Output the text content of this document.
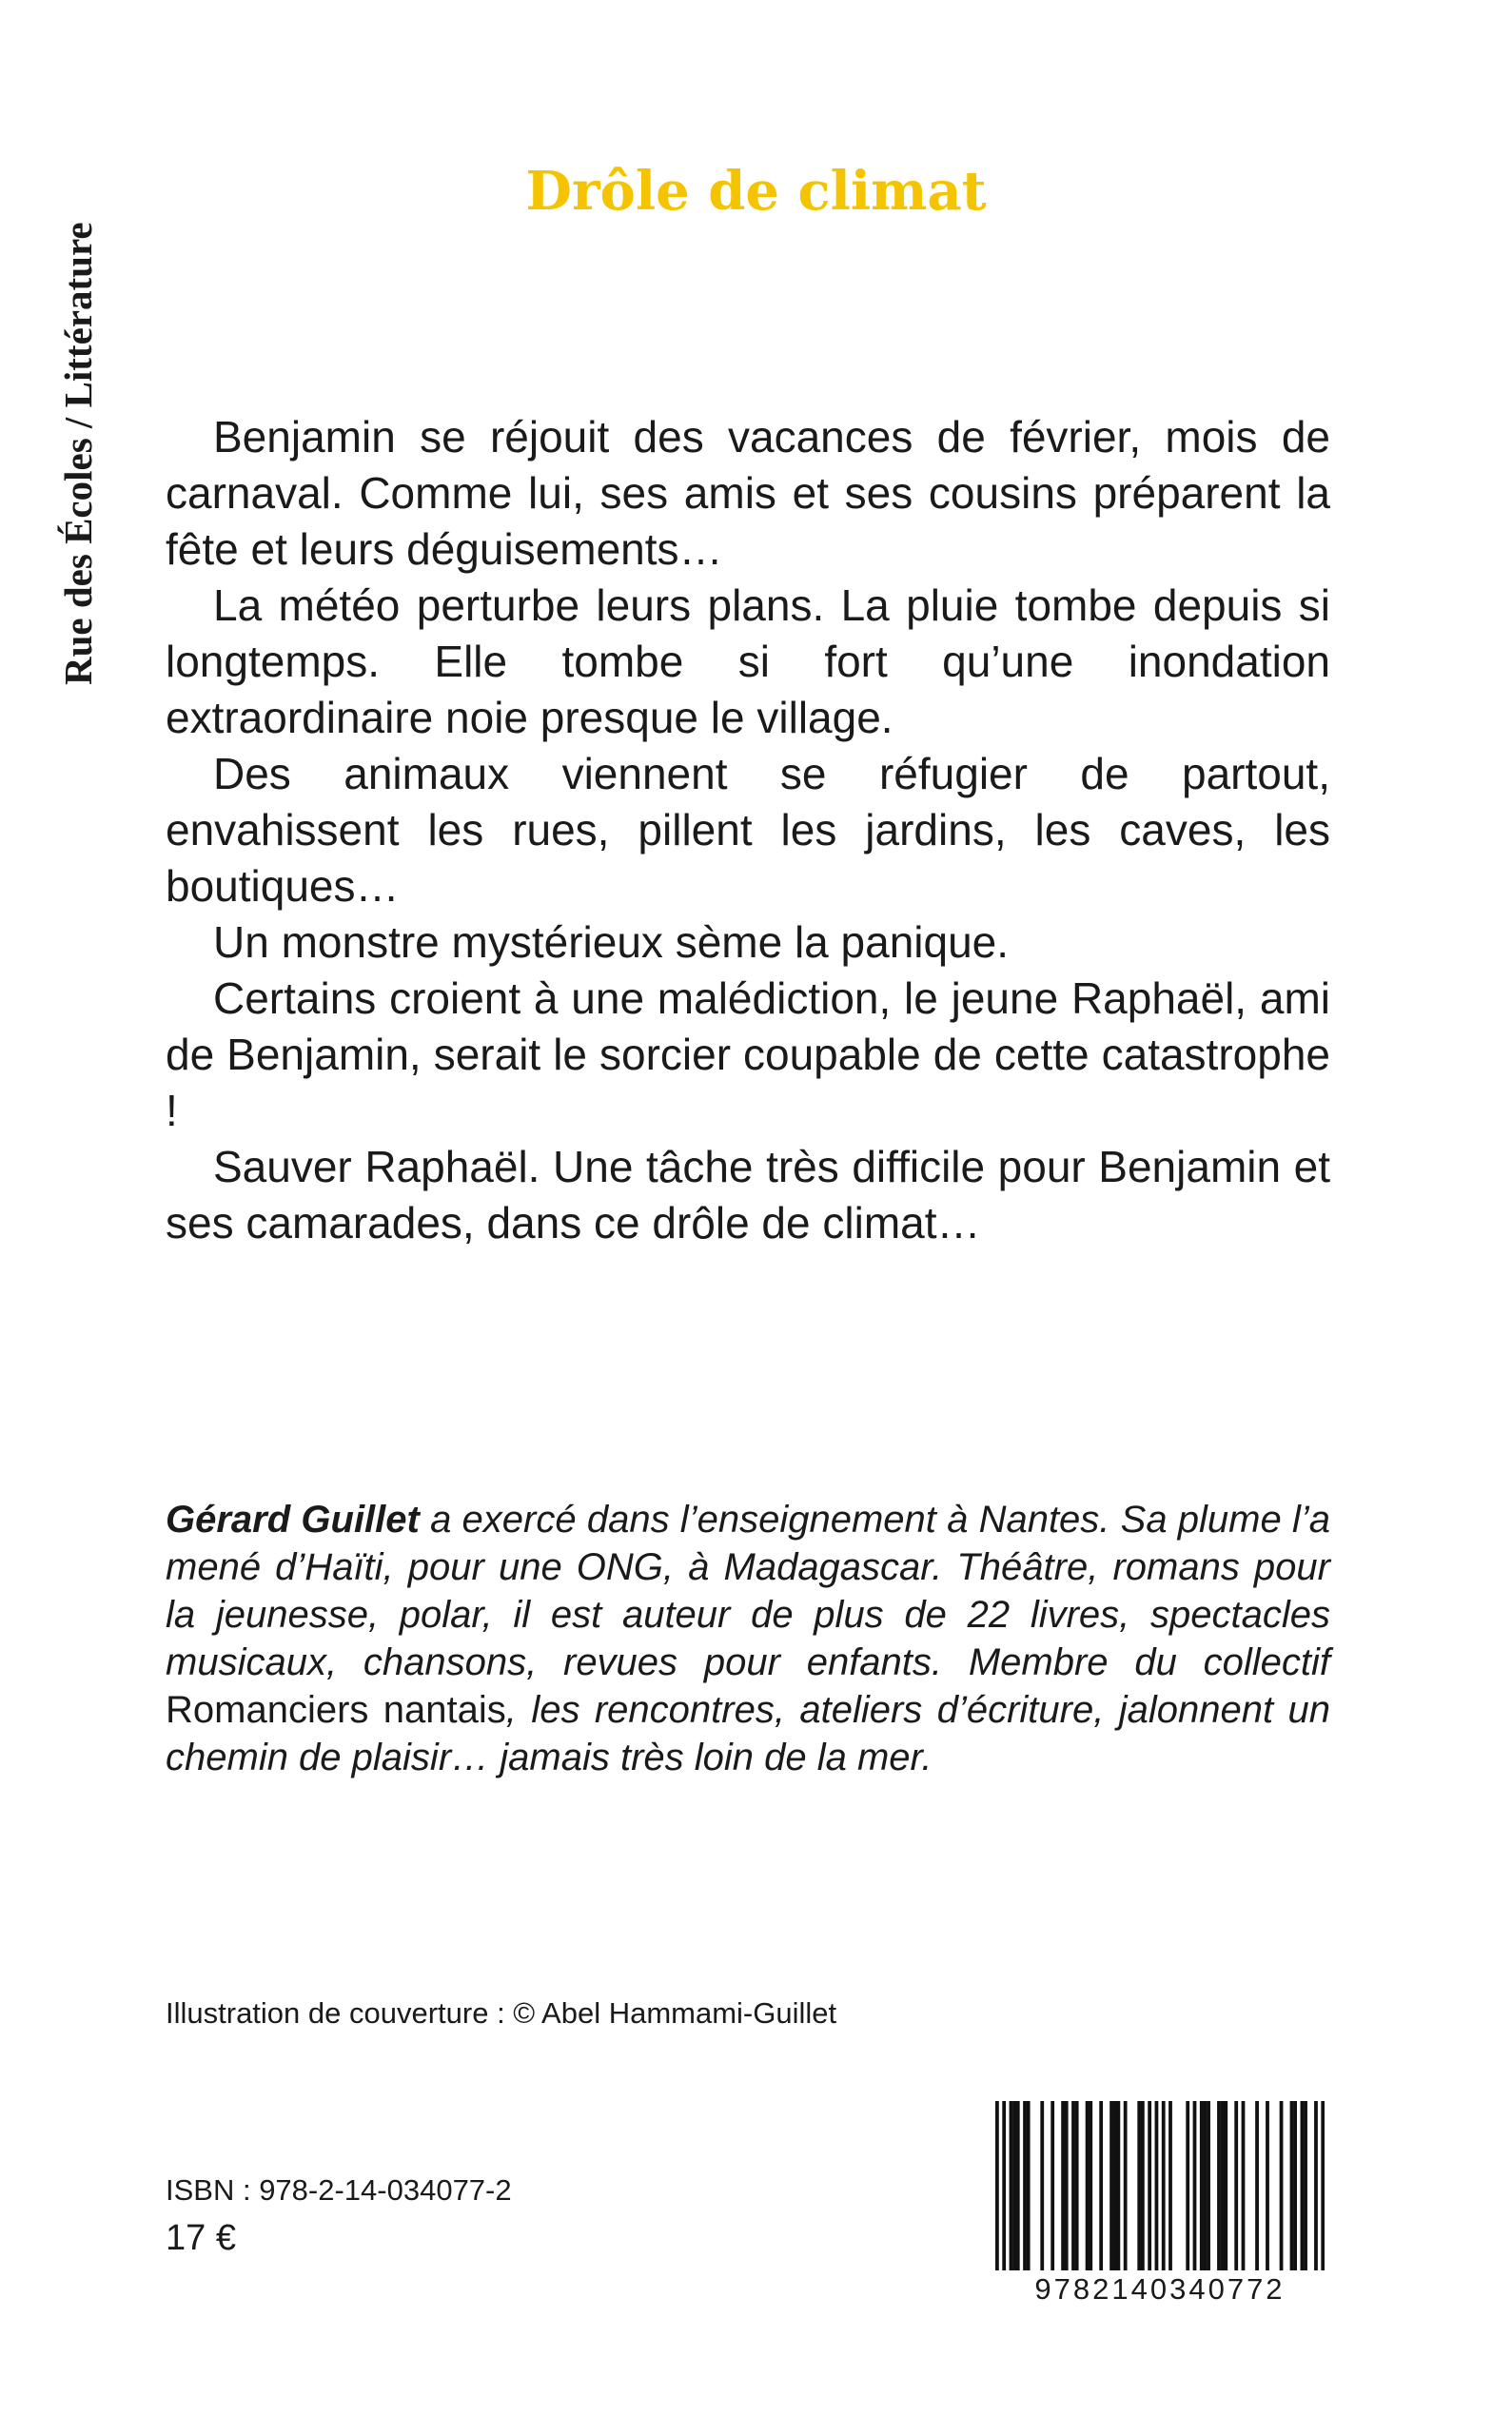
Rue des Écoles / Littérature
Drôle de climat

Benjamin se réjouit des vacances de février, mois de carnaval. Comme lui, ses amis et ses cousins préparent la fête et leurs déguisements…

La météo perturbe leurs plans. La pluie tombe depuis si longtemps. Elle tombe si fort qu’une inondation extraordinaire noie presque le village.

Des animaux viennent se réfugier de partout, envahissent les rues, pillent les jardins, les caves, les boutiques…

Un monstre mystérieux sème la panique.

Certains croient à une malédiction, le jeune Raphaël, ami de Benjamin, serait le sorcier coupable de cette catastrophe !

Sauver Raphaël. Une tâche très difficile pour Benjamin et ses camarades, dans ce drôle de climat…

Gérard Guillet a exercé dans l’enseignement à Nantes. Sa plume l’a mené d’Haïti, pour une ONG, à Madagascar. Théâtre, romans pour la jeunesse, polar, il est auteur de plus de 22 livres, spectacles musicaux, chansons, revues pour enfants. Membre du collectif Romanciers nantais, les rencontres, ateliers d’écriture, jalonnent un chemin de plaisir… jamais très loin de la mer.

Illustration de couverture : © Abel Hammami-Guillet
ISBN : 978-2-14-034077-2
17 €
9782140340772
